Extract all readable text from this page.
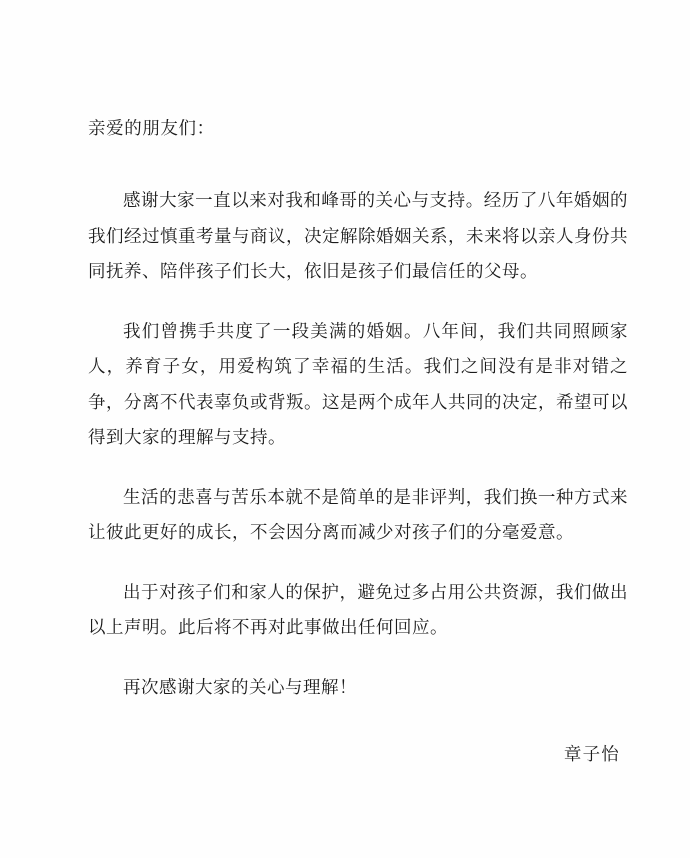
亲爱的朋友们：

感谢大家一直以来对我和峰哥的关心与支持。经历了八年婚姻的我们经过慎重考量与商议，决定解除婚姻关系，未来将以亲人身份共同抚养、陪伴孩子们长大，依旧是孩子们最信任的父母。

我们曾携手共度了一段美满的婚姻。八年间，我们共同照顾家人，养育子女，用爱构筑了幸福的生活。我们之间没有是非对错之争，分离不代表辜负或背叛。这是两个成年人共同的决定，希望可以得到大家的理解与支持。

生活的悲喜与苦乐本就不是简单的是非评判，我们换一种方式来让彼此更好的成长，不会因分离而减少对孩子们的分毫爱意。

出于对孩子们和家人的保护，避免过多占用公共资源，我们做出以上声明。此后将不再对此事做出任何回应。

再次感谢大家的关心与理解！

章子怡
